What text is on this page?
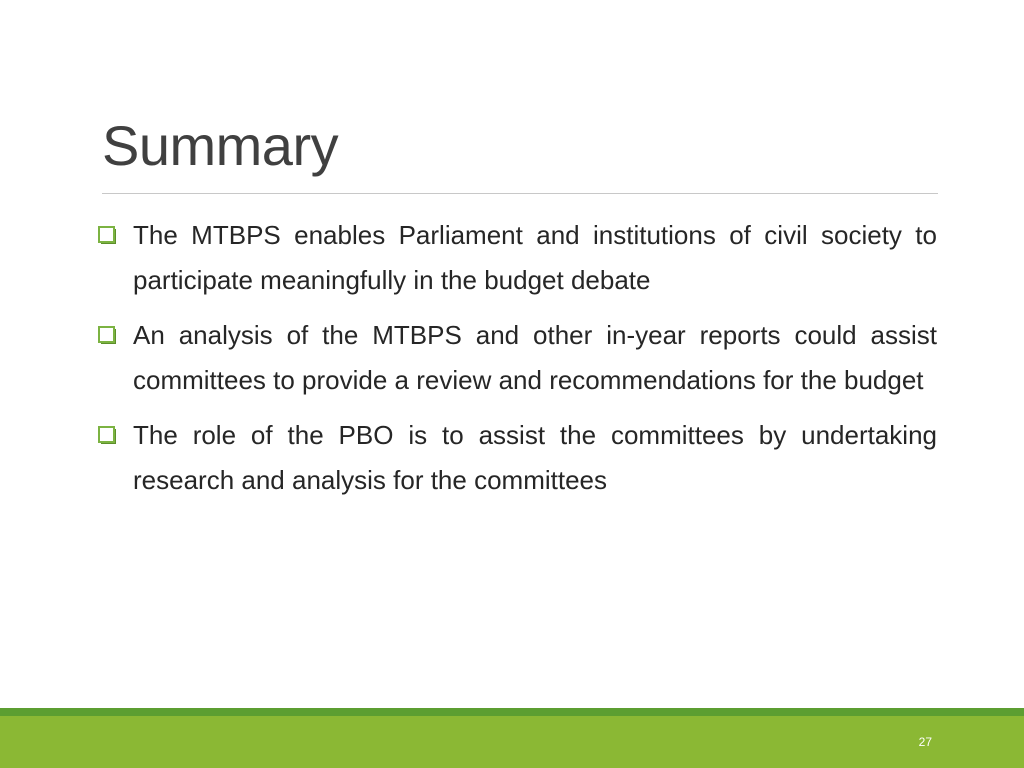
Summary
The MTBPS enables Parliament and institutions of civil society to participate meaningfully in the budget debate
An analysis of the MTBPS and other in-year reports could assist committees to provide a review and recommendations for the budget
The role of the PBO is to assist the committees by undertaking research and analysis for the committees
27
